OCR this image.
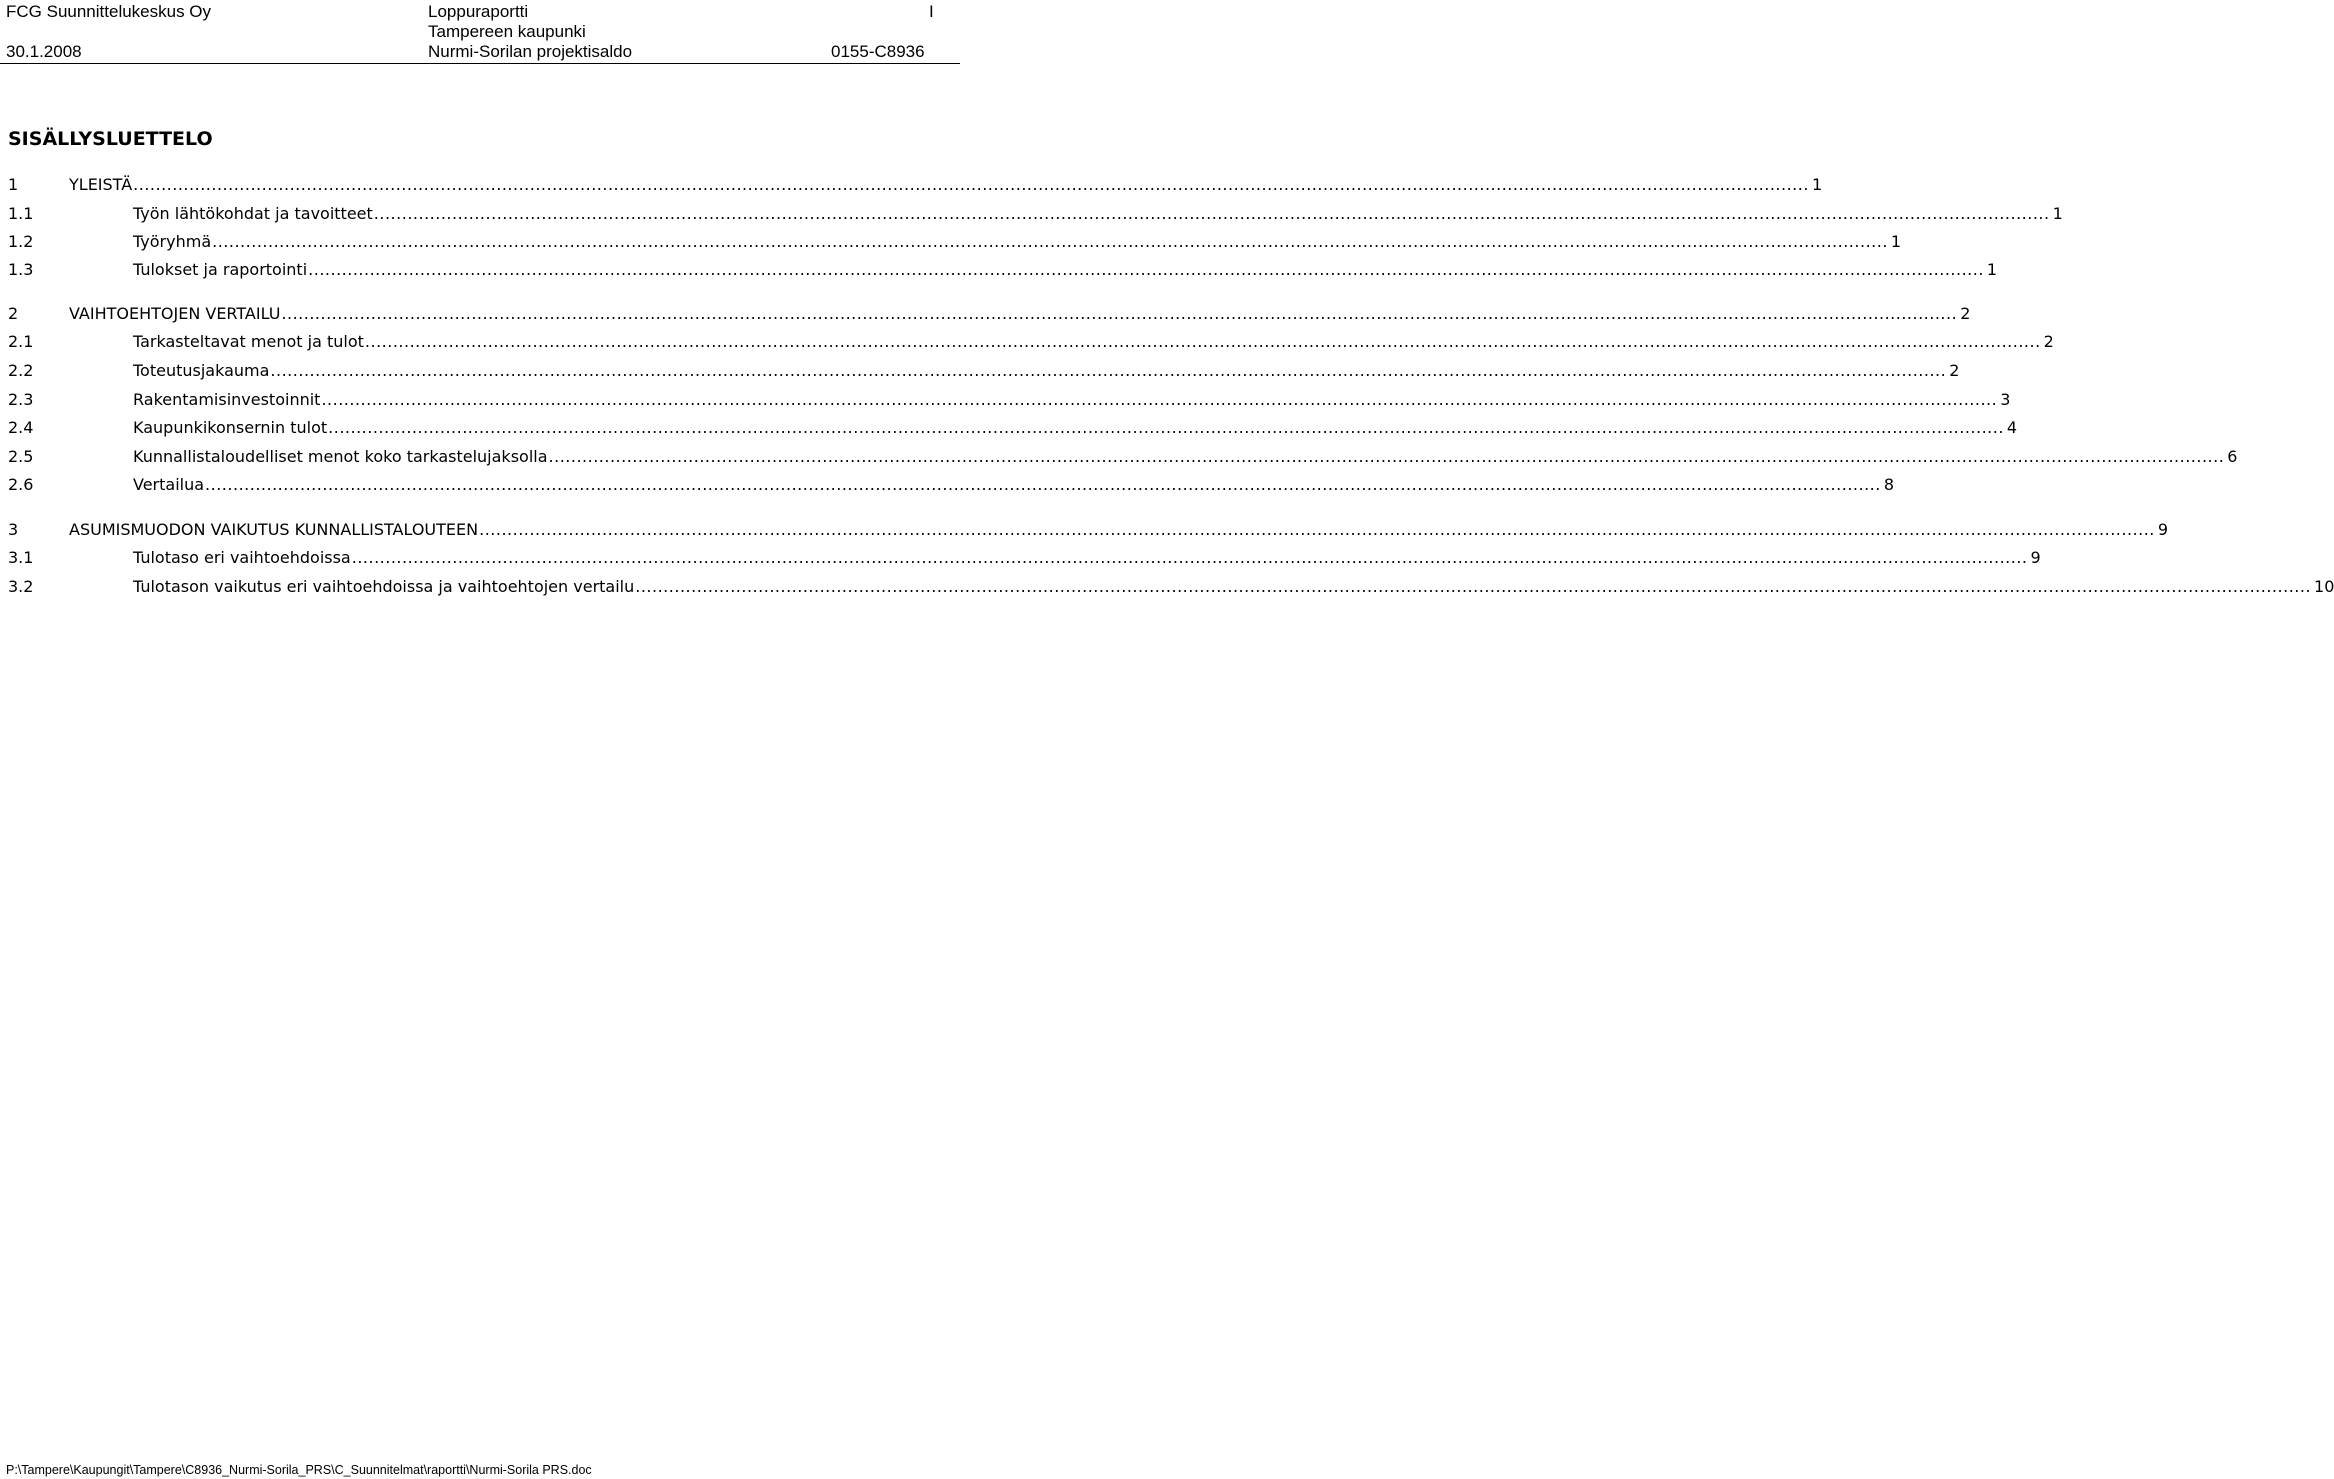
FCG Suunnittelukeskus Oy
30.1.2008
Loppuraportti
Tampereen kaupunki
Nurmi-Sorilan projektisaldo
I
0155-C8936
SISÄLLYSLUETTELO
1	YLEISTÄ ............................................................................................................................................................................................................................................................................................................ 1
1.1	Työn lähtökohdat ja tavoitteet ............................................................................................................................................................................................................................................................................................................ 1
1.2	Työryhmä ............................................................................................................................................................................................................................................................................................................ 1
1.3	Tulokset ja raportointi ............................................................................................................................................................................................................................................................................................................ 1
2	VAIHTOEHTOJEN VERTAILU ............................................................................................................................................................................................................................................................................................................ 2
2.1	Tarkasteltavat menot ja tulot ............................................................................................................................................................................................................................................................................................................ 2
2.2	Toteutusjakauma ............................................................................................................................................................................................................................................................................................................ 2
2.3	Rakentamisinvestoinnit ............................................................................................................................................................................................................................................................................................................ 3
2.4	Kaupunkikonsernin tulot ............................................................................................................................................................................................................................................................................................................ 4
2.5	Kunnallistaloudelliset menot koko tarkastelujaksolla ............................................................................................................................................................................................................................................................................................................ 6
2.6	Vertailua ............................................................................................................................................................................................................................................................................................................ 8
3	ASUMISMUODON VAIKUTUS KUNNALLISTALOUTEEN ............................................................................................................................................................................................................................................................................................................ 9
3.1	Tulotaso eri vaihtoehdoissa ............................................................................................................................................................................................................................................................................................................ 9
3.2	Tulotason vaikutus eri vaihtoehdoissa ja vaihtoehtojen vertailu ............................................................................................................................................................................................................................................................................................................ 10
P:\Tampere\Kaupungit\Tampere\C8936_Nurmi-Sorila_PRS\C_Suunnitelmat\raportti\Nurmi-Sorila PRS.doc
